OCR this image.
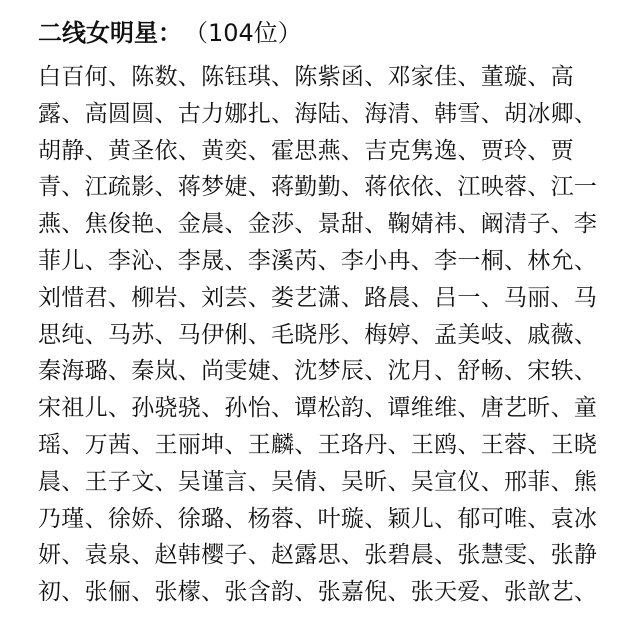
二线女明星： （104位）
白百何、陈数、陈钰琪、陈紫函、邓家佳、董璇、高
露、高圆圆、古力娜扎、海陆、海清、韩雪、胡冰卿、
胡静、黄圣依、黄奕、霍思燕、吉克隽逸、贾玲、贾
青、江疏影、蒋梦婕、蒋勤勤、蒋依依、江映蓉、江一
燕、焦俊艳、金晨、金莎、景甜、鞠婧祎、阚清子、李
菲儿、李沁、李晟、李溪芮、李小冉、李一桐、林允、
刘惜君、柳岩、刘芸、娄艺潇、路晨、吕一、马丽、马
思纯、马苏、马伊俐、毛晓彤、梅婷、孟美岐、戚薇、
秦海璐、秦岚、尚雯婕、沈梦辰、沈月、舒畅、宋轶、
宋祖儿、孙骁骁、孙怡、谭松韵、谭维维、唐艺昕、童
瑶、万茜、王丽坤、王麟、王珞丹、王鸥、王蓉、王晓
晨、王子文、吴谨言、吴倩、吴昕、吴宣仪、邢菲、熊
乃瑾、徐娇、徐璐、杨蓉、叶璇、颖儿、郁可唯、袁冰
妍、袁泉、赵韩樱子、赵露思、张碧晨、张慧雯、张静
初、张俪、张檬、张含韵、张嘉倪、张天爱、张歆艺、
